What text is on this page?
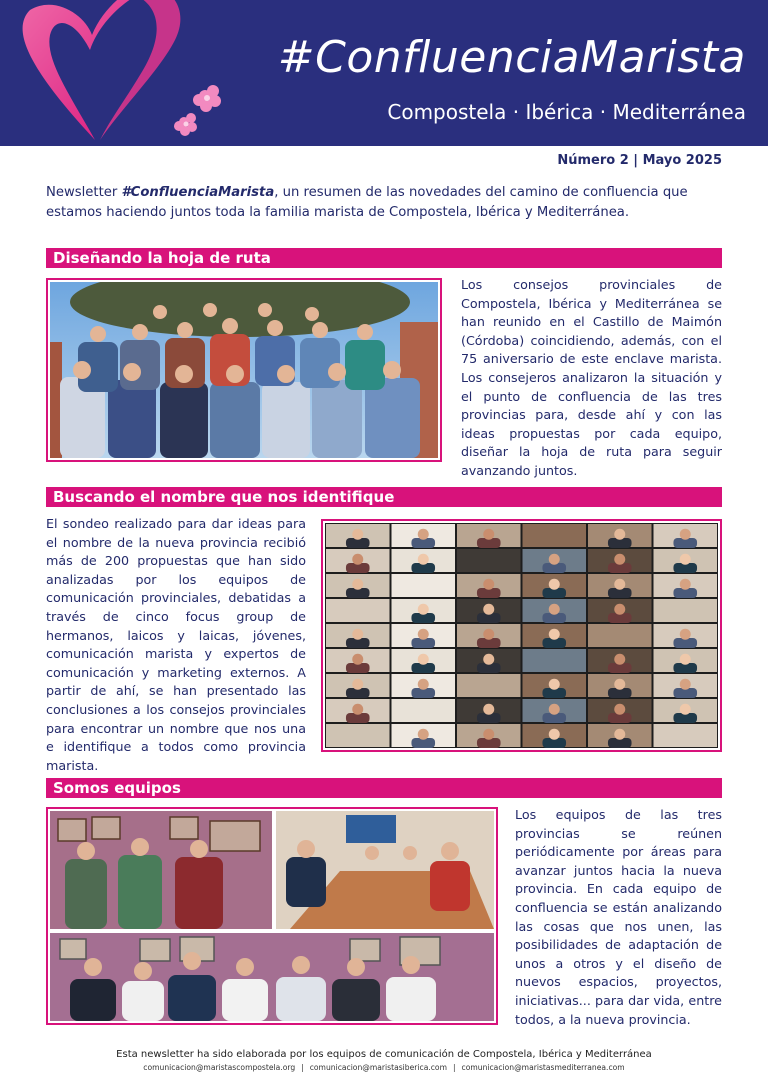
#ConfluenciaMarista
Compostela · Ibérica · Mediterránea
Número 2 | Mayo 2025
Newsletter #ConfluenciaMarista, un resumen de las novedades del camino de confluencia que estamos haciendo juntos toda la familia marista de Compostela, Ibérica y Mediterránea.
Diseñando la hoja de ruta
Los consejos provinciales de Compostela, Ibérica y Mediterránea se han reunido en el Castillo de Maimón (Córdoba) coincidiendo, además, con el 75 aniversario de este enclave marista. Los consejeros analizaron la situación y el punto de confluencia de las tres provincias para, desde ahí y con las ideas propuestas por cada equipo, diseñar la hoja de ruta para seguir avanzando juntos.
Buscando el nombre que nos identifique
El sondeo realizado para dar ideas para el nombre de la nueva provincia recibió más de 200 propuestas que han sido analizadas por los equipos de comunicación provinciales, debatidas a través de cinco focus group de hermanos, laicos y laicas, jóvenes, comunicación marista y expertos de comunicación y marketing externos. A partir de ahí, se han presentado las conclusiones a los consejos provinciales para encontrar un nombre que nos una e identifique a todos como provincia marista.
Somos equipos
Los equipos de las tres provincias se reúnen periódicamente por áreas para avanzar juntos hacia la nueva provincia. En cada equipo de confluencia se están analizando las cosas que nos unen, las posibilidades de adaptación de unos a otros y el diseño de nuevos espacios, proyectos, iniciativas... para dar vida, entre todos, a la nueva provincia.
Esta newsletter ha sido elaborada por los equipos de comunicación de Compostela, Ibérica y Mediterránea
comunicacion@maristascompostela.org | comunicacion@maristasiberica.com | comunicacion@maristasmediterranea.com
